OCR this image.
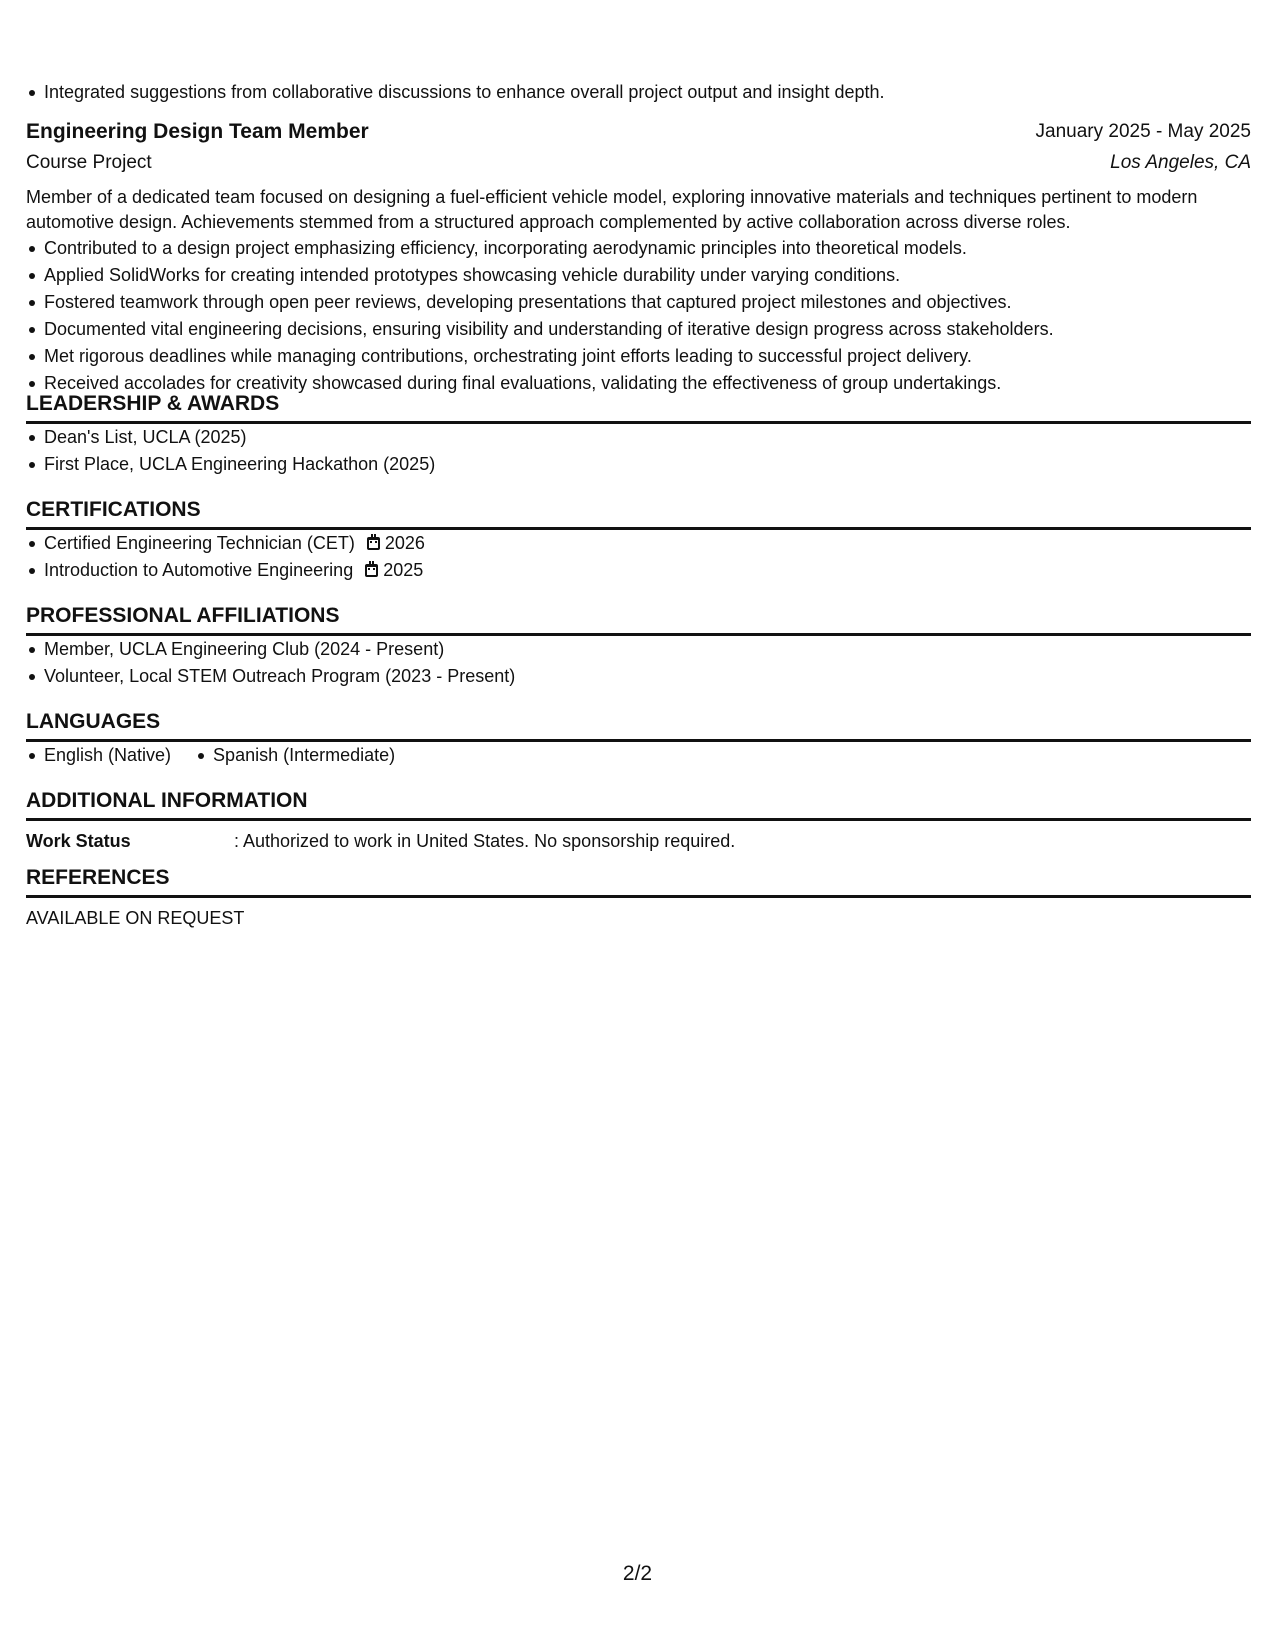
Integrated suggestions from collaborative discussions to enhance overall project output and insight depth.
Engineering Design Team Member	January 2025 - May 2025
Course Project	Los Angeles, CA
Member of a dedicated team focused on designing a fuel-efficient vehicle model, exploring innovative materials and techniques pertinent to modern automotive design. Achievements stemmed from a structured approach complemented by active collaboration across diverse roles.
Contributed to a design project emphasizing efficiency, incorporating aerodynamic principles into theoretical models.
Applied SolidWorks for creating intended prototypes showcasing vehicle durability under varying conditions.
Fostered teamwork through open peer reviews, developing presentations that captured project milestones and objectives.
Documented vital engineering decisions, ensuring visibility and understanding of iterative design progress across stakeholders.
Met rigorous deadlines while managing contributions, orchestrating joint efforts leading to successful project delivery.
Received accolades for creativity showcased during final evaluations, validating the effectiveness of group undertakings.
LEADERSHIP & AWARDS
Dean's List, UCLA (2025)
First Place, UCLA Engineering Hackathon (2025)
CERTIFICATIONS
Certified Engineering Technician (CET) 2026
Introduction to Automotive Engineering 2025
PROFESSIONAL AFFILIATIONS
Member, UCLA Engineering Club (2024 - Present)
Volunteer, Local STEM Outreach Program (2023 - Present)
LANGUAGES
English (Native) Spanish (Intermediate)
ADDITIONAL INFORMATION
Work Status	: Authorized to work in United States. No sponsorship required.
REFERENCES
AVAILABLE ON REQUEST
2/2
